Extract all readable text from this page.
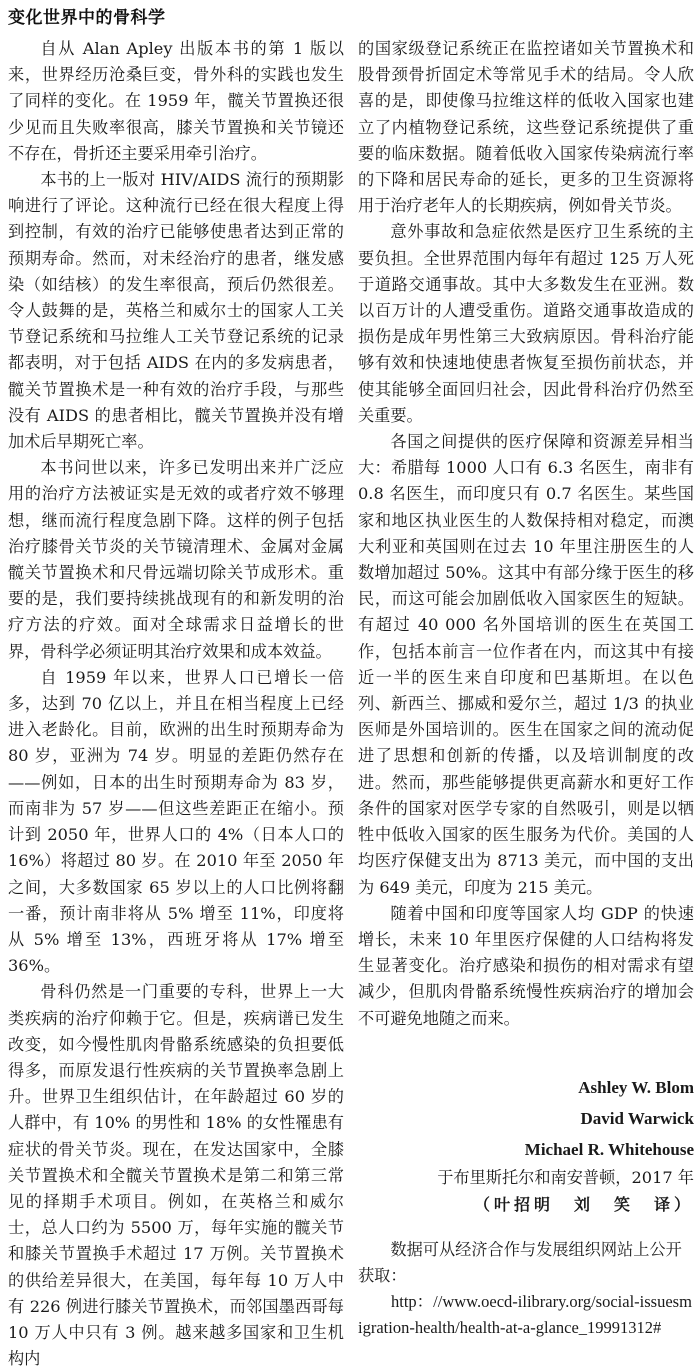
变化世界中的骨科学

自从 Alan Apley 出版本书的第 1 版以来，世界经历沧桑巨变，骨外科的实践也发生了同样的变化。在 1959 年，髋关节置换还很少见而且失败率很高，膝关节置换和关节镜还不存在，骨折还主要采用牵引治疗。

本书的上一版对 HIV/AIDS 流行的预期影响进行了评论。这种流行已经在很大程度上得到控制，有效的治疗已能够使患者达到正常的预期寿命。然而，对未经治疗的患者，继发感染（如结核）的发生率很高，预后仍然很差。令人鼓舞的是，英格兰和威尔士的国家人工关节登记系统和马拉维人工关节登记系统的记录都表明，对于包括 AIDS 在内的多发病患者，髋关节置换术是一种有效的治疗手段，与那些没有 AIDS 的患者相比，髋关节置换并没有增加术后早期死亡率。

本书问世以来，许多已发明出来并广泛应用的治疗方法被证实是无效的或者疗效不够理想，继而流行程度急剧下降。这样的例子包括治疗膝骨关节炎的关节镜清理术、金属对金属髋关节置换术和尺骨远端切除关节成形术。重要的是，我们要持续挑战现有的和新发明的治疗方法的疗效。面对全球需求日益增长的世界，骨科学必须证明其治疗效果和成本效益。

自 1959 年以来，世界人口已增长一倍多，达到 70 亿以上，并且在相当程度上已经进入老龄化。目前，欧洲的出生时预期寿命为 80 岁，亚洲为 74 岁。明显的差距仍然存在——例如，日本的出生时预期寿命为 83 岁，而南非为 57 岁——但这些差距正在缩小。预计到 2050 年，世界人口的 4%（日本人口的 16%）将超过 80 岁。在 2010 年至 2050 年之间，大多数国家 65 岁以上的人口比例将翻一番，预计南非将从 5% 增至 11%，印度将从 5% 增至 13%，西班牙将从 17% 增至 36%。

骨科仍然是一门重要的专科，世界上一大类疾病的治疗仰赖于它。但是，疾病谱已发生改变，如今慢性肌肉骨骼系统感染的负担要低得多，而原发退行性疾病的关节置换率急剧上升。世界卫生组织估计，在年龄超过 60 岁的人群中，有 10% 的男性和 18% 的女性罹患有症状的骨关节炎。现在，在发达国家中，全膝关节置换术和全髋关节置换术是第二和第三常见的择期手术项目。例如，在英格兰和威尔士，总人口约为 5500 万，每年实施的髋关节和膝关节置换手术超过 17 万例。关节置换术的供给差异很大，在美国，每年每 10 万人中有 226 例进行膝关节置换术，而邻国墨西哥每 10 万人中只有 3 例。越来越多国家和卫生机构内

的国家级登记系统正在监控诸如关节置换术和股骨颈骨折固定术等常见手术的结局。令人欣喜的是，即使像马拉维这样的低收入国家也建立了内植物登记系统，这些登记系统提供了重要的临床数据。随着低收入国家传染病流行率的下降和居民寿命的延长，更多的卫生资源将用于治疗老年人的长期疾病，例如骨关节炎。

意外事故和急症依然是医疗卫生系统的主要负担。全世界范围内每年有超过 125 万人死于道路交通事故。其中大多数发生在亚洲。数以百万计的人遭受重伤。道路交通事故造成的损伤是成年男性第三大致病原因。骨科治疗能够有效和快速地使患者恢复至损伤前状态，并使其能够全面回归社会，因此骨科治疗仍然至关重要。

各国之间提供的医疗保障和资源差异相当大：希腊每 1000 人口有 6.3 名医生，南非有 0.8 名医生，而印度只有 0.7 名医生。某些国家和地区执业医生的人数保持相对稳定，而澳大利亚和英国则在过去 10 年里注册医生的人数增加超过 50%。这其中有部分缘于医生的移民，而这可能会加剧低收入国家医生的短缺。有超过 40 000 名外国培训的医生在英国工作，包括本前言一位作者在内，而这其中有接近一半的医生来自印度和巴基斯坦。在以色列、新西兰、挪威和爱尔兰，超过 1/3 的执业医师是外国培训的。医生在国家之间的流动促进了思想和创新的传播，以及培训制度的改进。然而，那些能够提供更高薪水和更好工作条件的国家对医学专家的自然吸引，则是以牺牲中低收入国家的医生服务为代价。美国的人均医疗保健支出为 8713 美元，而中国的支出为 649 美元，印度为 215 美元。

随着中国和印度等国家人均 GDP 的快速增长，未来 10 年里医疗保健的人口结构将发生显著变化。治疗感染和损伤的相对需求有望减少，但肌肉骨骼系统慢性疾病治疗的增加会不可避免地随之而来。

Ashley W. Blom
David Warwick
Michael R. Whitehouse
于布里斯托尔和南安普顿，2017 年
（叶招明　刘　笑　译）

数据可从经济合作与发展组织网站上公开获取：

http：//www.oecd-ilibrary.org/social-issuesmigration-health/health-at-a-glance_19991312#
